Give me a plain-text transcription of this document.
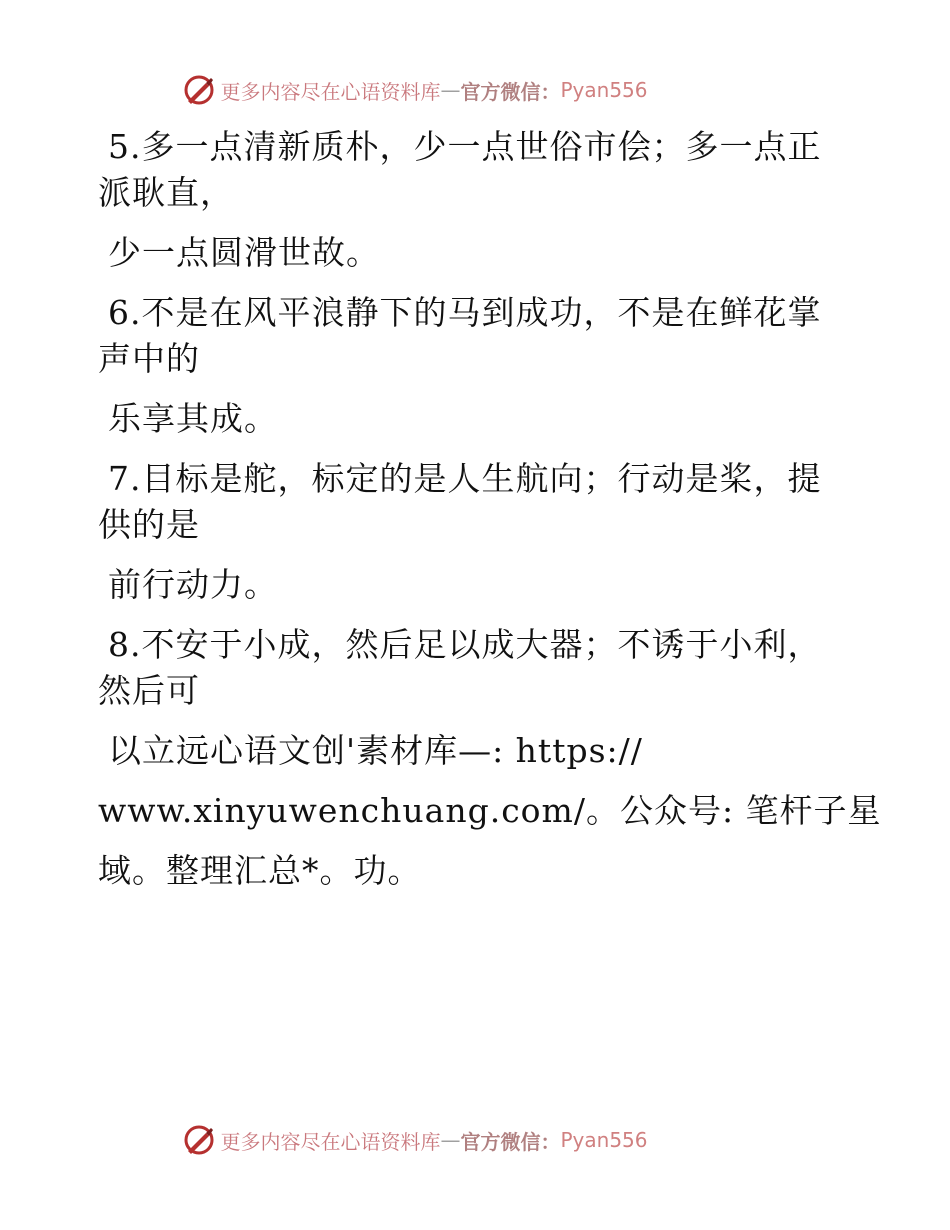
更多内容尽在心语资料库 — 官方微信： Pyan556
5.多一点清新质朴，少一点世俗市侩；多一点正
派耿直，
少一点圆滑世故。
6.不是在风平浪静下的马到成功，不是在鲜花掌
声中的
乐享其成。
7.目标是舵，标定的是人生航向；行动是桨，提
供的是
前行动力。
8.不安于小成，然后足以成大器；不诱于小利，
然后可
以立远心语文创'素材库—: https://
www.xinyuwenchuang.com/。公众号: 笔杆子星
域。整理汇总*。功。
更多内容尽在心语资料库 — 官方微信： Pyan556
